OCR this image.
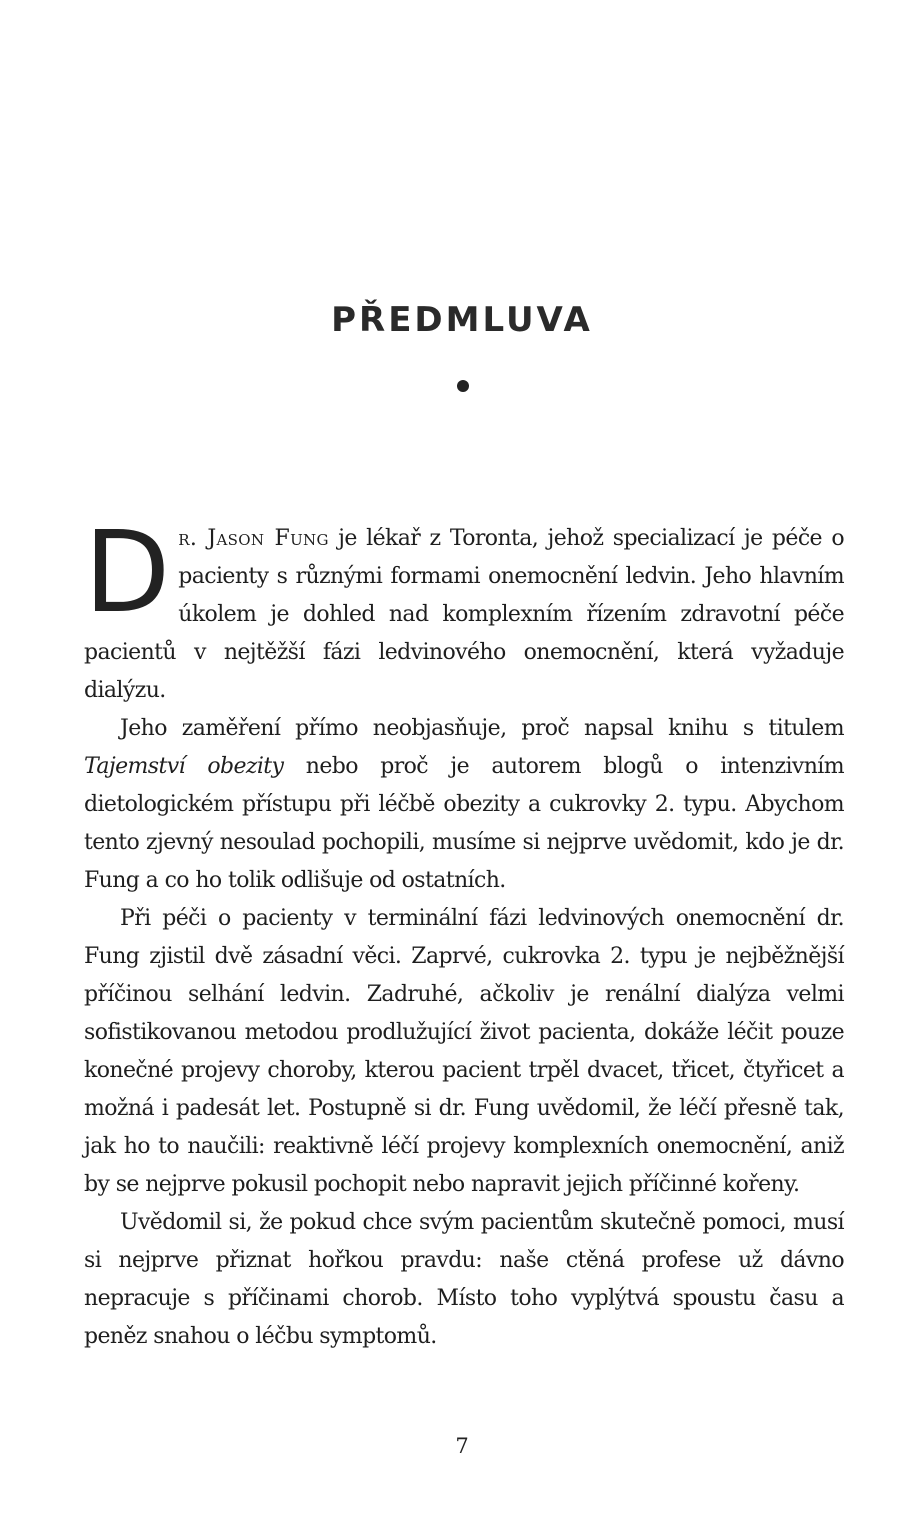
PŘEDMLUVA

Dr. Jason Fung je lékař z Toronta, jehož specializací je péče o pacienty s různými formami onemocnění ledvin. Jeho hlavním úkolem je dohled nad komplexním řízením zdravotní péče pacientů v nejtěžší fázi ledvinového onemocnění, která vyžaduje dialýzu.

Jeho zaměření přímo neobjasňuje, proč napsal knihu s titulem Tajemství obezity nebo proč je autorem blogů o intenzivním dietologickém přístupu při léčbě obezity a cukrovky 2. typu. Abychom tento zjevný nesoulad pochopili, musíme si nejprve uvědomit, kdo je dr. Fung a co ho tolik odlišuje od ostatních.

Při péči o pacienty v terminální fázi ledvinových onemocnění dr. Fung zjistil dvě zásadní věci. Zaprvé, cukrovka 2. typu je nejběžnější příčinou selhání ledvin. Zadruhé, ačkoliv je renální dialýza velmi sofistikovanou metodou prodlužující život pacienta, dokáže léčit pouze konečné projevy choroby, kterou pacient trpěl dvacet, třicet, čtyřicet a možná i padesát let. Postupně si dr. Fung uvědomil, že léčí přesně tak, jak ho to naučili: reaktivně léčí projevy komplexních onemocnění, aniž by se nejprve pokusil pochopit nebo napravit jejich příčinné kořeny.

Uvědomil si, že pokud chce svým pacientům skutečně pomoci, musí si nejprve přiznat hořkou pravdu: naše ctěná profese už dávno nepracuje s příčinami chorob. Místo toho vyplýtvá spoustu času a peněz snahou o léčbu symptomů.

7
